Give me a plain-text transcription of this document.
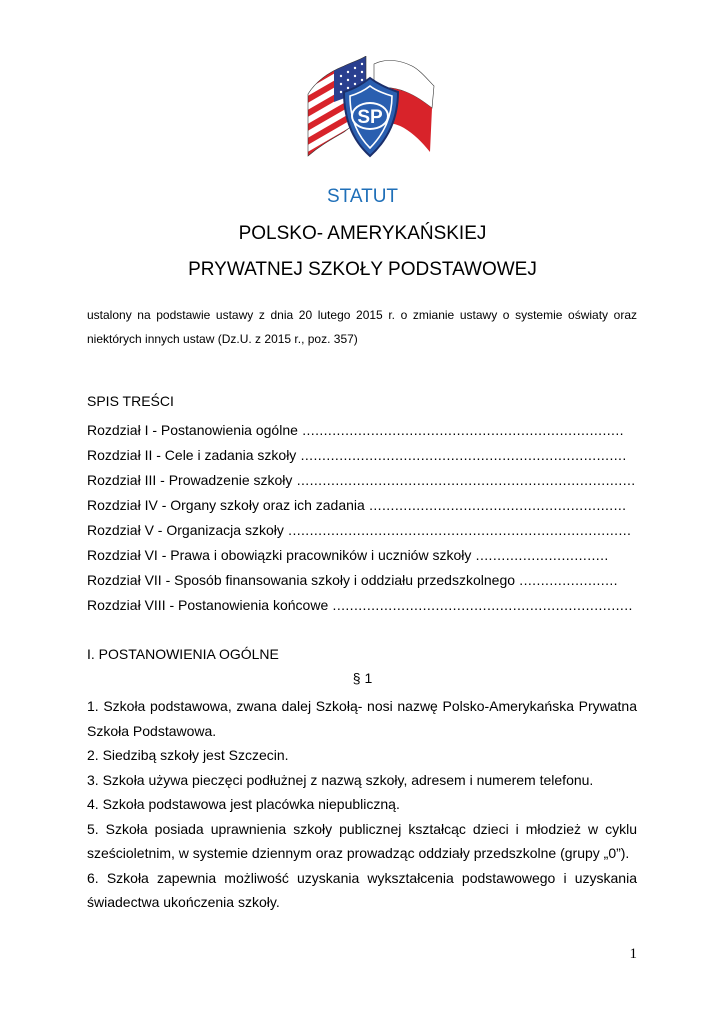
SP
STATUT
POLSKO- AMERYKAŃSKIEJ
PRYWATNEJ SZKOŁY PODSTAWOWEJ
ustalony na podstawie ustawy z dnia 20 lutego 2015 r. o zmianie ustawy o systemie oświaty oraz niektórych innych ustaw (Dz.U. z 2015 r., poz. 357)
SPIS TREŚCI
Rozdział I - Postanowienia ogólne ...........................................................................
Rozdział II - Cele i zadania szkoły ............................................................................
Rozdział III - Prowadzenie szkoły ...............................................................................
Rozdział IV - Organy szkoły oraz ich zadania ............................................................
Rozdział V - Organizacja szkoły ................................................................................
Rozdział VI - Prawa i obowiązki pracowników i uczniów szkoły ...............................
Rozdział VII - Sposób finansowania szkoły i oddziału przedszkolnego .......................
Rozdział VIII - Postanowienia końcowe ......................................................................
I. POSTANOWIENIA OGÓLNE
§ 1

1. Szkoła podstawowa, zwana dalej Szkołą- nosi nazwę Polsko-Amerykańska Prywatna Szkoła Podstawowa.

2. Siedzibą szkoły jest Szczecin.

3. Szkoła używa pieczęci podłużnej z nazwą szkoły, adresem i numerem telefonu.

4. Szkoła podstawowa jest placówka niepubliczną.

5. Szkoła posiada uprawnienia szkoły publicznej kształcąc dzieci i młodzież w cyklu sześcioletnim, w systemie dziennym oraz prowadząc oddziały przedszkolne (grupy „0”).

6. Szkoła zapewnia możliwość uzyskania wykształcenia podstawowego i uzyskania świadectwa ukończenia szkoły.

1
